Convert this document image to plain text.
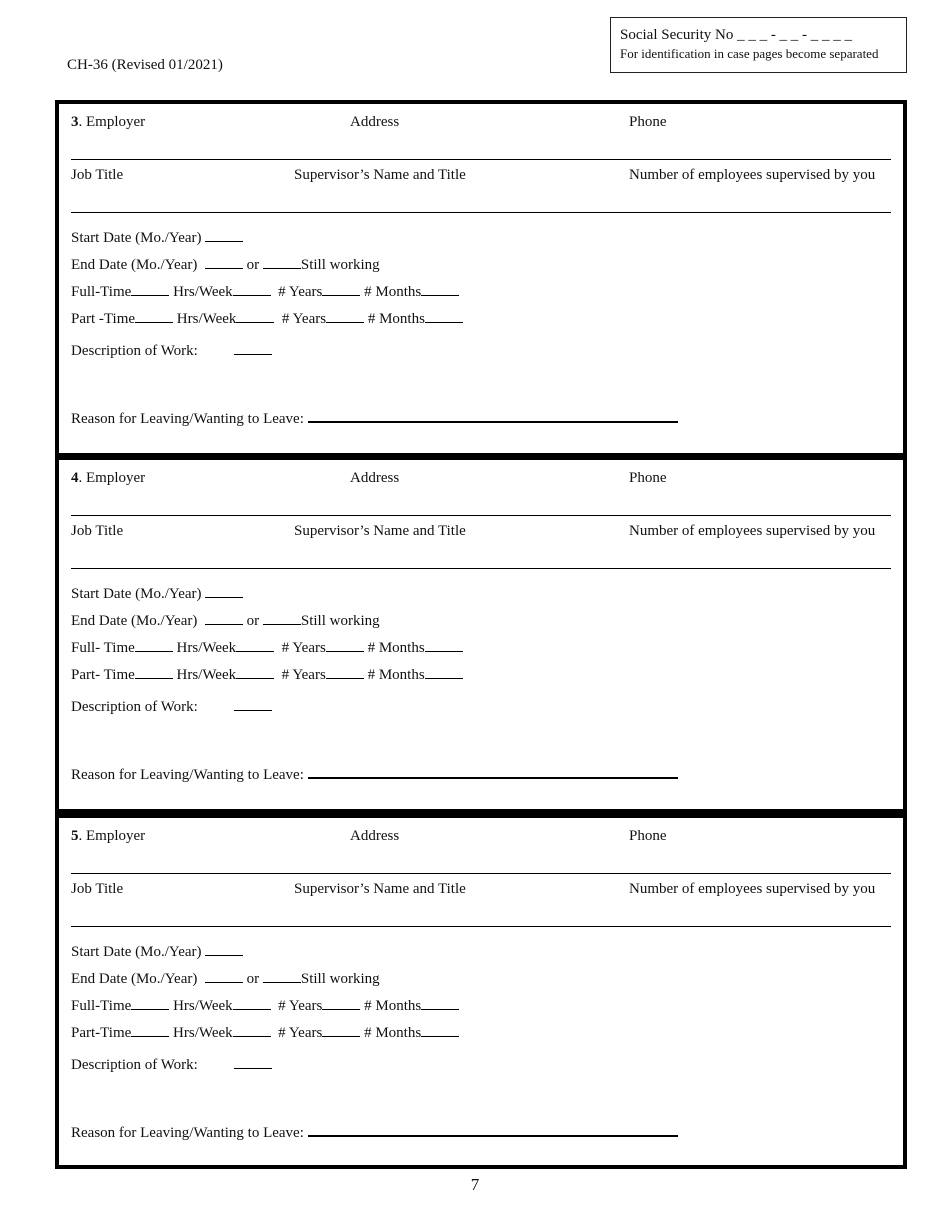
CH-36 (Revised 01/2021)
Social Security No _ _ _ - _ _ - _ _ _ _
For identification in case pages become separated
3. Employer	Address	Phone
Job Title	Supervisor’s Name and Title	Number of employees supervised by you
Start Date (Mo./Year)
End Date (Mo./Year)	or	Still working
Full-Time	Hrs/Week	# Years	# Months
Part -Time	Hrs/Week	# Years	# Months
Description of Work:
Reason for Leaving/Wanting to Leave:
4. Employer	Address	Phone
Job Title	Supervisor’s Name and Title	Number of employees supervised by you
Start Date (Mo./Year)
End Date (Mo./Year)	or	Still working
Full- Time	Hrs/Week	# Years	# Months
Part- Time	Hrs/Week	# Years	# Months
Description of Work:
Reason for Leaving/Wanting to Leave:
5. Employer	Address	Phone
Job Title	Supervisor’s Name and Title	Number of employees supervised by you
Start Date (Mo./Year)
End Date (Mo./Year)	or	Still working
Full-Time	Hrs/Week	# Years	# Months
Part-Time	Hrs/Week	# Years	# Months
Description of Work:
Reason for Leaving/Wanting to Leave:
7
